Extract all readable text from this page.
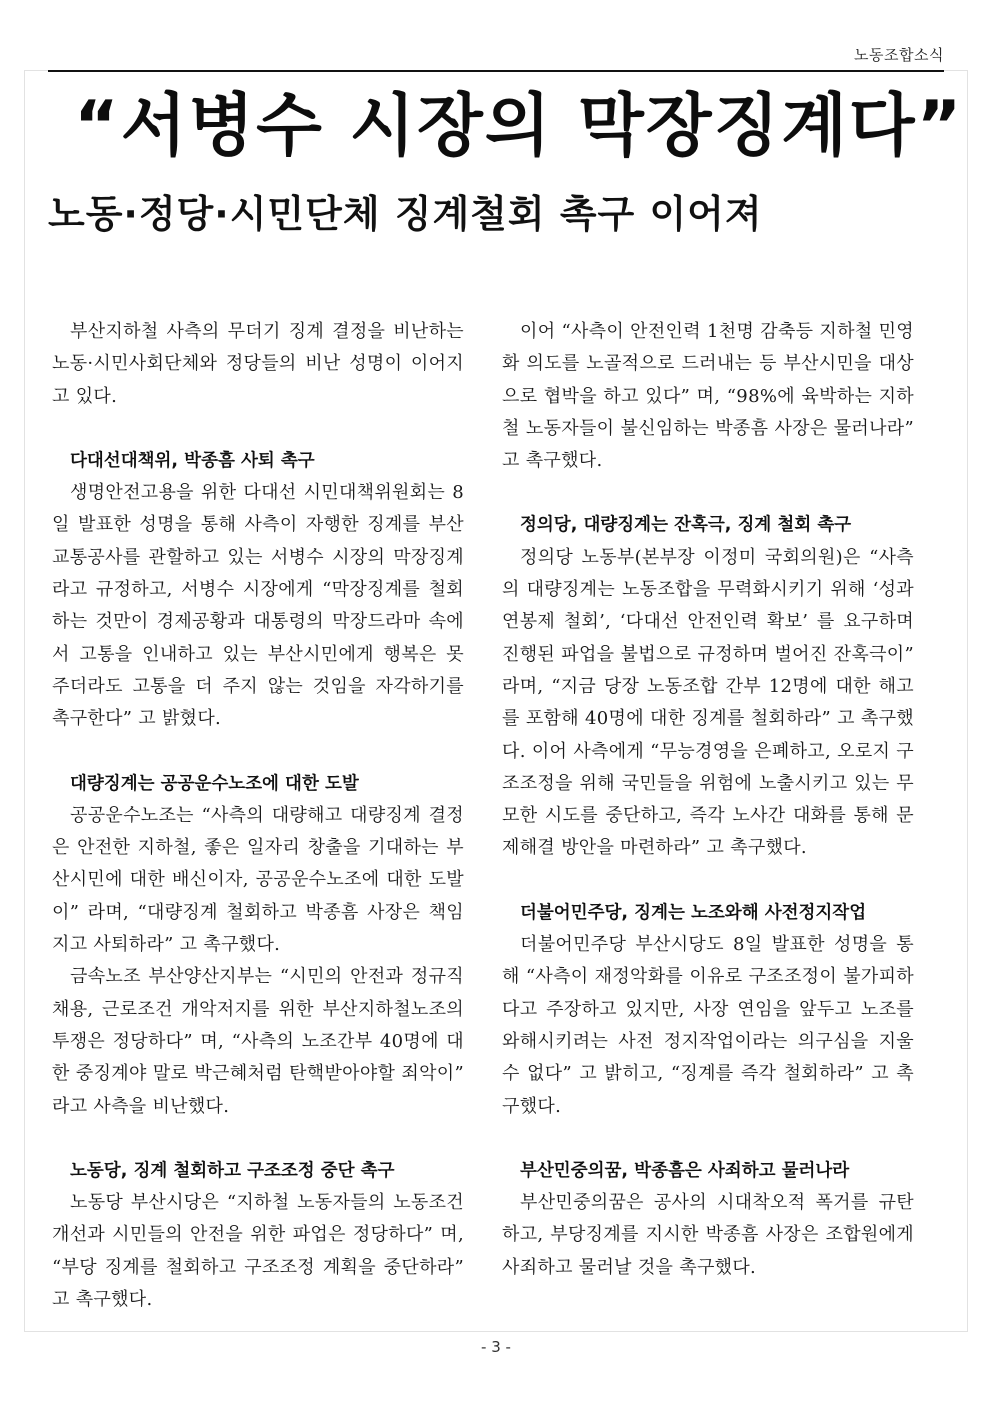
노동조합소식
“서병수 시장의 막장징계다”
노동·정당·시민단체 징계철회 촉구 이어져

부산지하철 사측의 무더기 징계 결정을 비난하는 노동·시민사회단체와 정당들의 비난 성명이 이어지고 있다.

다대선대책위, 박종흠 사퇴 촉구

생명안전고용을 위한 다대선 시민대책위원회는 8일 발표한 성명을 통해 사측이 자행한 징계를 부산교통공사를 관할하고 있는 서병수 시장의 막장징계라고 규정하고, 서병수 시장에게 “막장징계를 철회하는 것만이 경제공황과 대통령의 막장드라마 속에서 고통을 인내하고 있는 부산시민에게 행복은 못 주더라도 고통을 더 주지 않는 것임을 자각하기를 촉구한다” 고 밝혔다.

대량징계는 공공운수노조에 대한 도발

공공운수노조는 “사측의 대량해고 대량징계 결정은 안전한 지하철, 좋은 일자리 창출을 기대하는 부산시민에 대한 배신이자, 공공운수노조에 대한 도발이” 라며, “대량징계 철회하고 박종흠 사장은 책임지고 사퇴하라” 고 촉구했다.

금속노조 부산양산지부는 “시민의 안전과 정규직채용, 근로조건 개악저지를 위한 부산지하철노조의 투쟁은 정당하다” 며, “사측의 노조간부 40명에 대한 중징계야 말로 박근혜처럼 탄핵받아야할 죄악이” 라고 사측을 비난했다.

노동당, 징계 철회하고 구조조정 중단 촉구

노동당 부산시당은 “지하철 노동자들의 노동조건 개선과 시민들의 안전을 위한 파업은 정당하다” 며, “부당 징계를 철회하고 구조조정 계획을 중단하라” 고 촉구했다.

이어 “사측이 안전인력 1천명 감축등 지하철 민영화 의도를 노골적으로 드러내는 등 부산시민을 대상으로 협박을 하고 있다” 며, “98%에 육박하는 지하철 노동자들이 불신임하는 박종흠 사장은 물러나라” 고 촉구했다.

정의당, 대량징계는 잔혹극, 징계 철회 촉구

정의당 노동부(본부장 이정미 국회의원)은 “사측의 대량징계는 노동조합을 무력화시키기 위해 ‘성과연봉제 철회’, ‘다대선 안전인력 확보’ 를 요구하며 진행된 파업을 불법으로 규정하며 벌어진 잔혹극이” 라며, “지금 당장 노동조합 간부 12명에 대한 해고를 포함해 40명에 대한 징계를 철회하라” 고 촉구했다. 이어 사측에게 “무능경영을 은폐하고, 오로지 구조조정을 위해 국민들을 위험에 노출시키고 있는 무모한 시도를 중단하고, 즉각 노사간 대화를 통해 문제해결 방안을 마련하라” 고 촉구했다.

더불어민주당, 징계는 노조와해 사전정지작업

더불어민주당 부산시당도 8일 발표한 성명을 통해 “사측이 재정악화를 이유로 구조조정이 불가피하다고 주장하고 있지만, 사장 연임을 앞두고 노조를 와해시키려는 사전 정지작업이라는 의구심을 지울 수 없다” 고 밝히고, “징계를 즉각 철회하라” 고 촉구했다.

부산민중의꿈, 박종흠은 사죄하고 물러나라

부산민중의꿈은 공사의 시대착오적 폭거를 규탄하고, 부당징계를 지시한 박종흠 사장은 조합원에게 사죄하고 물러날 것을 촉구했다.

- 3 -
